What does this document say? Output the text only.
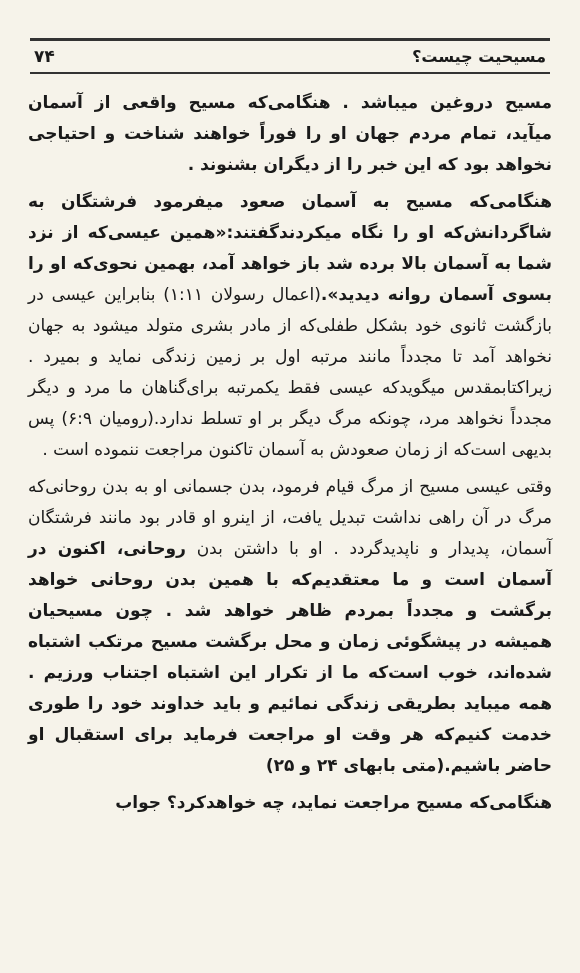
مسیحیت چیست؟
۷۴

مسیح دروغین میباشد . هنگامی‌که مسیح واقعی از آسمان میآید، تمام مردم جهان او را فوراً خواهند شناخت و احتیاجی نخواهد بود که این خبر را از دیگران بشنوند .

هنگامی‌که مسیح به آسمان صعود میفرمود فرشتگان به شاگردانش‌که او را نگاه میکردندگفتند:«همین عیسی‌که از نزد شما به آسمان بالا برده شد باز خواهد آمد، بهمین نحوی‌که او را بسوی آسمان روانه دیدید».(اعمال رسولان ۱:۱۱) بنابراین عیسی در بازگشت ثانوی خود بشکل طفلی‌که از مادر بشری متولد میشود به جهان نخواهد آمد تا مجدداً مانند مرتبه اول بر زمین زندگی نماید و بمیرد . زیراکتابمقدس میگوید‌که عیسی فقط یکمرتبه برای‌گناهان ما مرد و دیگر مجدداً نخواهد مرد، چونکه مرگ دیگر بر او تسلط ندارد.(رومیان ۶:۹) پس بدیهی است‌که از زمان صعودش به آسمان تاکنون مراجعت ننموده است .

وقتی عیسی مسیح از مرگ قیام فرمود، بدن جسمانی او به بدن روحانی‌که مرگ در آن راهی نداشت تبدیل یافت، از اینرو او قادر بود مانند فرشتگان آسمان، پدیدار و ناپدیدگردد . او با داشتن بدن روحانی، اکنون در آسمان است و ما معتقدیم‌که با همین بدن روحانی خواهد برگشت و مجدداً بمردم ظاهر خواهد شد . چون مسیحیان همیشه در پیشگوئی زمان و محل برگشت مسیح مرتکب اشتباه شده‌اند، خوب است‌که ما از تکرار این اشتباه اجتناب ورزیم . همه میباید بطریقی زندگی نمائیم و باید خداوند خود را طوری خدمت کنیم‌که هر وقت او مراجعت فرماید برای استقبال او حاضر باشیم.(متی بابهای ۲۴ و ۲۵)

هنگامی‌که مسیح مراجعت نماید، چه خواهدکرد؟ جواب
